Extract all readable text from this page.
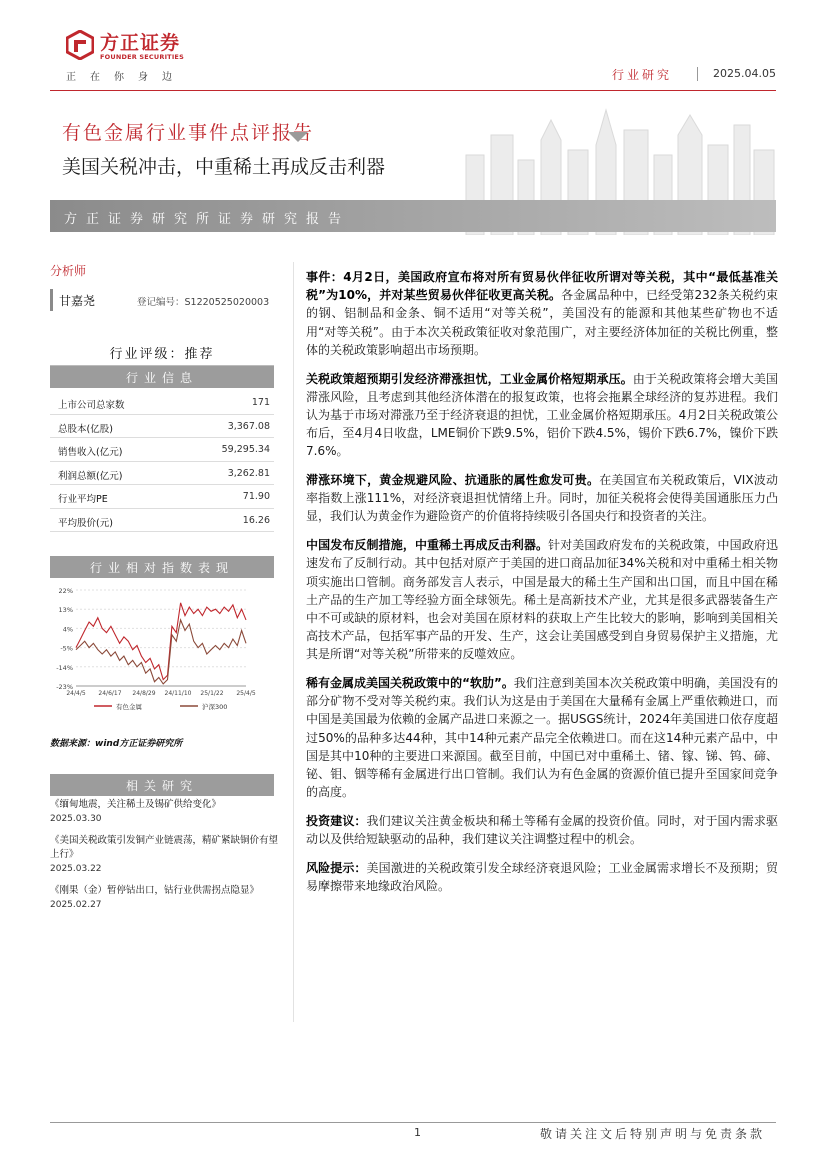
方正证券
FOUNDER SECURITIES
正在你身边	行业研究	2025.04.05
有色金属行业事件点评报告
美国关税冲击，中重稀土再成反击利器
方正证券研究所证券研究报告
分析师
甘嘉尧	登记编号：S1220525020003
行业评级：推荐
行业信息
上市公司总家数	171
总股本(亿股)	3,367.08
销售收入(亿元)	59,295.34
利润总额(亿元)	3,262.81
行业平均PE	71.90
平均股价(元)	16.26
行业相对指数表现
22%
13%
4%
-5%
-14%
-23%
24/4/5 24/6/17 24/8/29 24/11/10 25/1/22 25/4/5
有色金属	沪深300
数据来源：wind方正证券研究所
相关研究
《缅甸地震，关注稀土及锡矿供给变化》
2025.03.30
《美国关税政策引发铜产业链震荡，精矿紧缺铜价有望上行》
2025.03.22
《刚果（金）暂停钴出口，钴行业供需拐点隐显》
2025.02.27

事件：4月2日，美国政府宣布将对所有贸易伙伴征收所谓对等关税，其中“最低基准关税”为10%，并对某些贸易伙伴征收更高关税。各金属品种中，已经受第232条关税约束的钢、铝制品和金条、铜不适用“对等关税”，美国没有的能源和其他某些矿物也不适用“对等关税”。由于本次关税政策征收对象范围广，对主要经济体加征的关税比例重，整体的关税政策影响超出市场预期。

关税政策超预期引发经济滞涨担忧，工业金属价格短期承压。由于关税政策将会增大美国滞涨风险，且考虑到其他经济体潜在的报复政策，也将会拖累全球经济的复苏进程。我们认为基于市场对滞涨乃至于经济衰退的担忧，工业金属价格短期承压。4月2日关税政策公布后，至4月4日收盘，LME铜价下跌9.5%，铝价下跌4.5%，锡价下跌6.7%，镍价下跌7.6%。

滞涨环境下，黄金规避风险、抗通胀的属性愈发可贵。在美国宣布关税政策后，VIX波动率指数上涨111%，对经济衰退担忧情绪上升。同时，加征关税将会使得美国通胀压力凸显，我们认为黄金作为避险资产的价值将持续吸引各国央行和投资者的关注。

中国发布反制措施，中重稀土再成反击利器。针对美国政府发布的关税政策，中国政府迅速发布了反制行动。其中包括对原产于美国的进口商品加征34%关税和对中重稀土相关物项实施出口管制。商务部发言人表示，中国是最大的稀土生产国和出口国，而且中国在稀土产品的生产加工等经验方面全球领先。稀土是高新技术产业，尤其是很多武器装备生产中不可或缺的原材料，也会对美国在原材料的获取上产生比较大的影响，影响到美国相关高技术产品，包括军事产品的开发、生产，这会让美国感受到自身贸易保护主义措施，尤其是所谓“对等关税”所带来的反噬效应。

稀有金属成美国关税政策中的“软肋”。我们注意到美国本次关税政策中明确，美国没有的部分矿物不受对等关税约束。我们认为这是由于美国在大量稀有金属上严重依赖进口，而中国是美国最为依赖的金属产品进口来源之一。据USGS统计，2024年美国进口依存度超过50%的品种多达44种，其中14种元素产品完全依赖进口。而在这14种元素产品中，中国是其中10种的主要进口来源国。截至目前，中国已对中重稀土、锗、镓、锑、钨、碲、铋、钼、铟等稀有金属进行出口管制。我们认为有色金属的资源价值已提升至国家间竞争的高度。

投资建议：我们建议关注黄金板块和稀土等稀有金属的投资价值。同时，对于国内需求驱动以及供给短缺驱动的品种，我们建议关注调整过程中的机会。

风险提示：美国激进的关税政策引发全球经济衰退风险；工业金属需求增长不及预期；贸易摩擦带来地缘政治风险。

1	敬请关注文后特别声明与免责条款
